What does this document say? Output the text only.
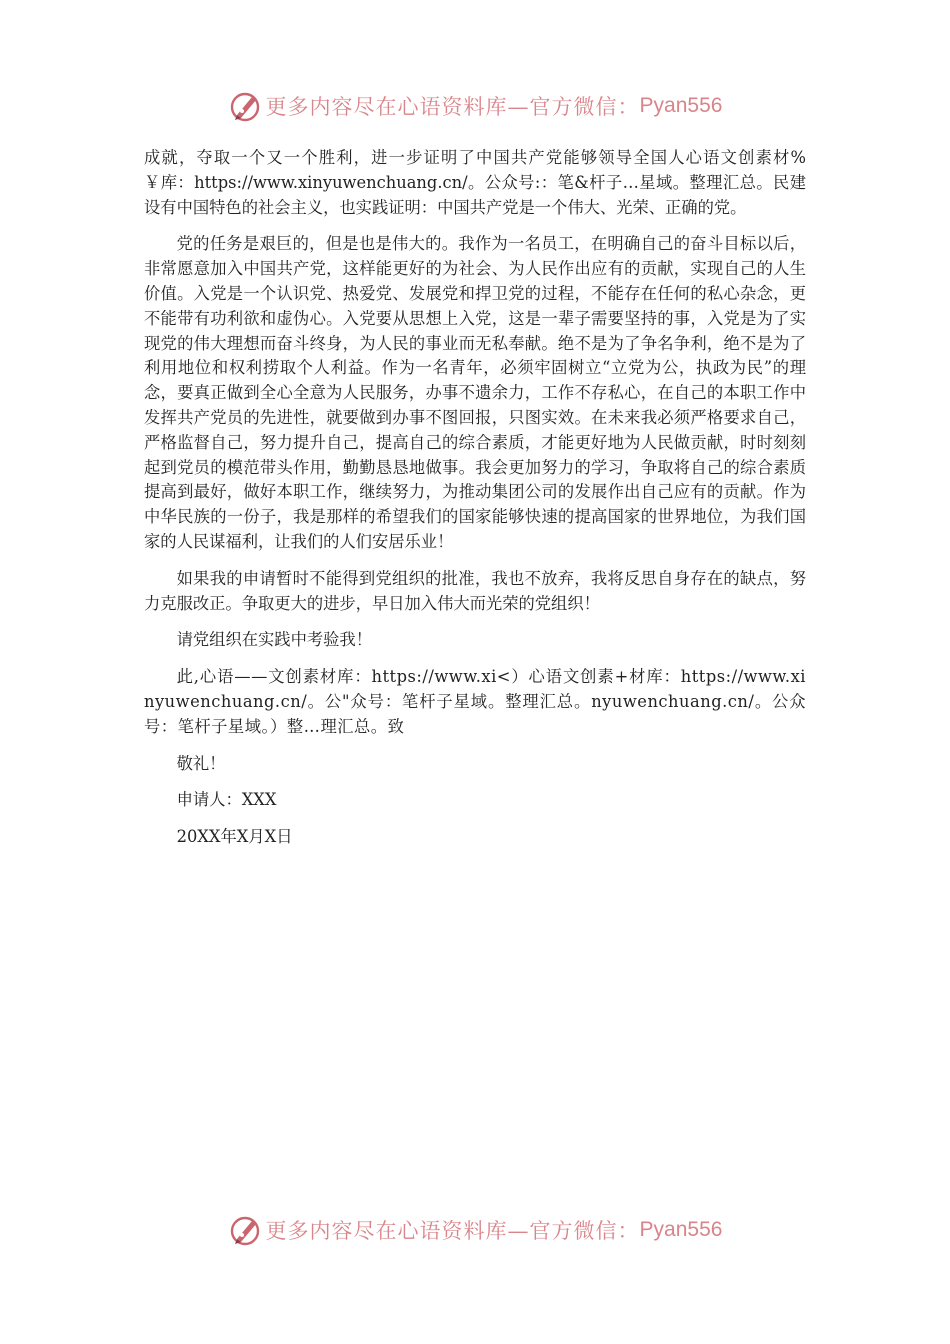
更多内容尽在心语资料库—官方微信： Pyan556

成就，夺取一个又一个胜利，进一步证明了中国共产党能够领导全国人心语文创素材%￥库：https://www.xinyuwenchuang.cn/。公众号:：笔&杆子…星域。整理汇总。民建设有中国特色的社会主义，也实践证明：中国共产党是一个伟大、光荣、正确的党。

党的任务是艰巨的，但是也是伟大的。我作为一名员工，在明确自己的奋斗目标以后，非常愿意加入中国共产党，这样能更好的为社会、为人民作出应有的贡献，实现自己的人生价值。入党是一个认识党、热爱党、发展党和捍卫党的过程，不能存在任何的私心杂念，更不能带有功利欲和虚伪心。入党要从思想上入党，这是一辈子需要坚持的事，入党是为了实现党的伟大理想而奋斗终身，为人民的事业而无私奉献。绝不是为了争名争利，绝不是为了利用地位和权利捞取个人利益。作为一名青年，必须牢固树立“立党为公，执政为民”的理念，要真正做到全心全意为人民服务，办事不遗余力，工作不存私心，在自己的本职工作中发挥共产党员的先进性，就要做到办事不图回报，只图实效。在未来我必须严格要求自己，严格监督自己，努力提升自己，提高自己的综合素质，才能更好地为人民做贡献，时时刻刻起到党员的模范带头作用，勤勤恳恳地做事。我会更加努力的学习，争取将自己的综合素质提高到最好，做好本职工作，继续努力，为推动集团公司的发展作出自己应有的贡献。作为中华民族的一份子，我是那样的希望我们的国家能够快速的提高国家的世界地位，为我们国家的人民谋福利，让我们的人们安居乐业！

如果我的申请暂时不能得到党组织的批准，我也不放弃，我将反思自身存在的缺点，努力克服改正。争取更大的进步，早日加入伟大而光荣的党组织！

请党组织在实践中考验我！

此,心语——文创素材库：https://www.xi<）心语文创素+材库：https://www.xinyuwenchuang.cn/。公"众号：笔杆子星域。整理汇总。nyuwenchuang.cn/。公众号：笔杆子星域。）整…理汇总。致

敬礼！

申请人：XXX

20XX年X月X日

更多内容尽在心语资料库—官方微信： Pyan556
